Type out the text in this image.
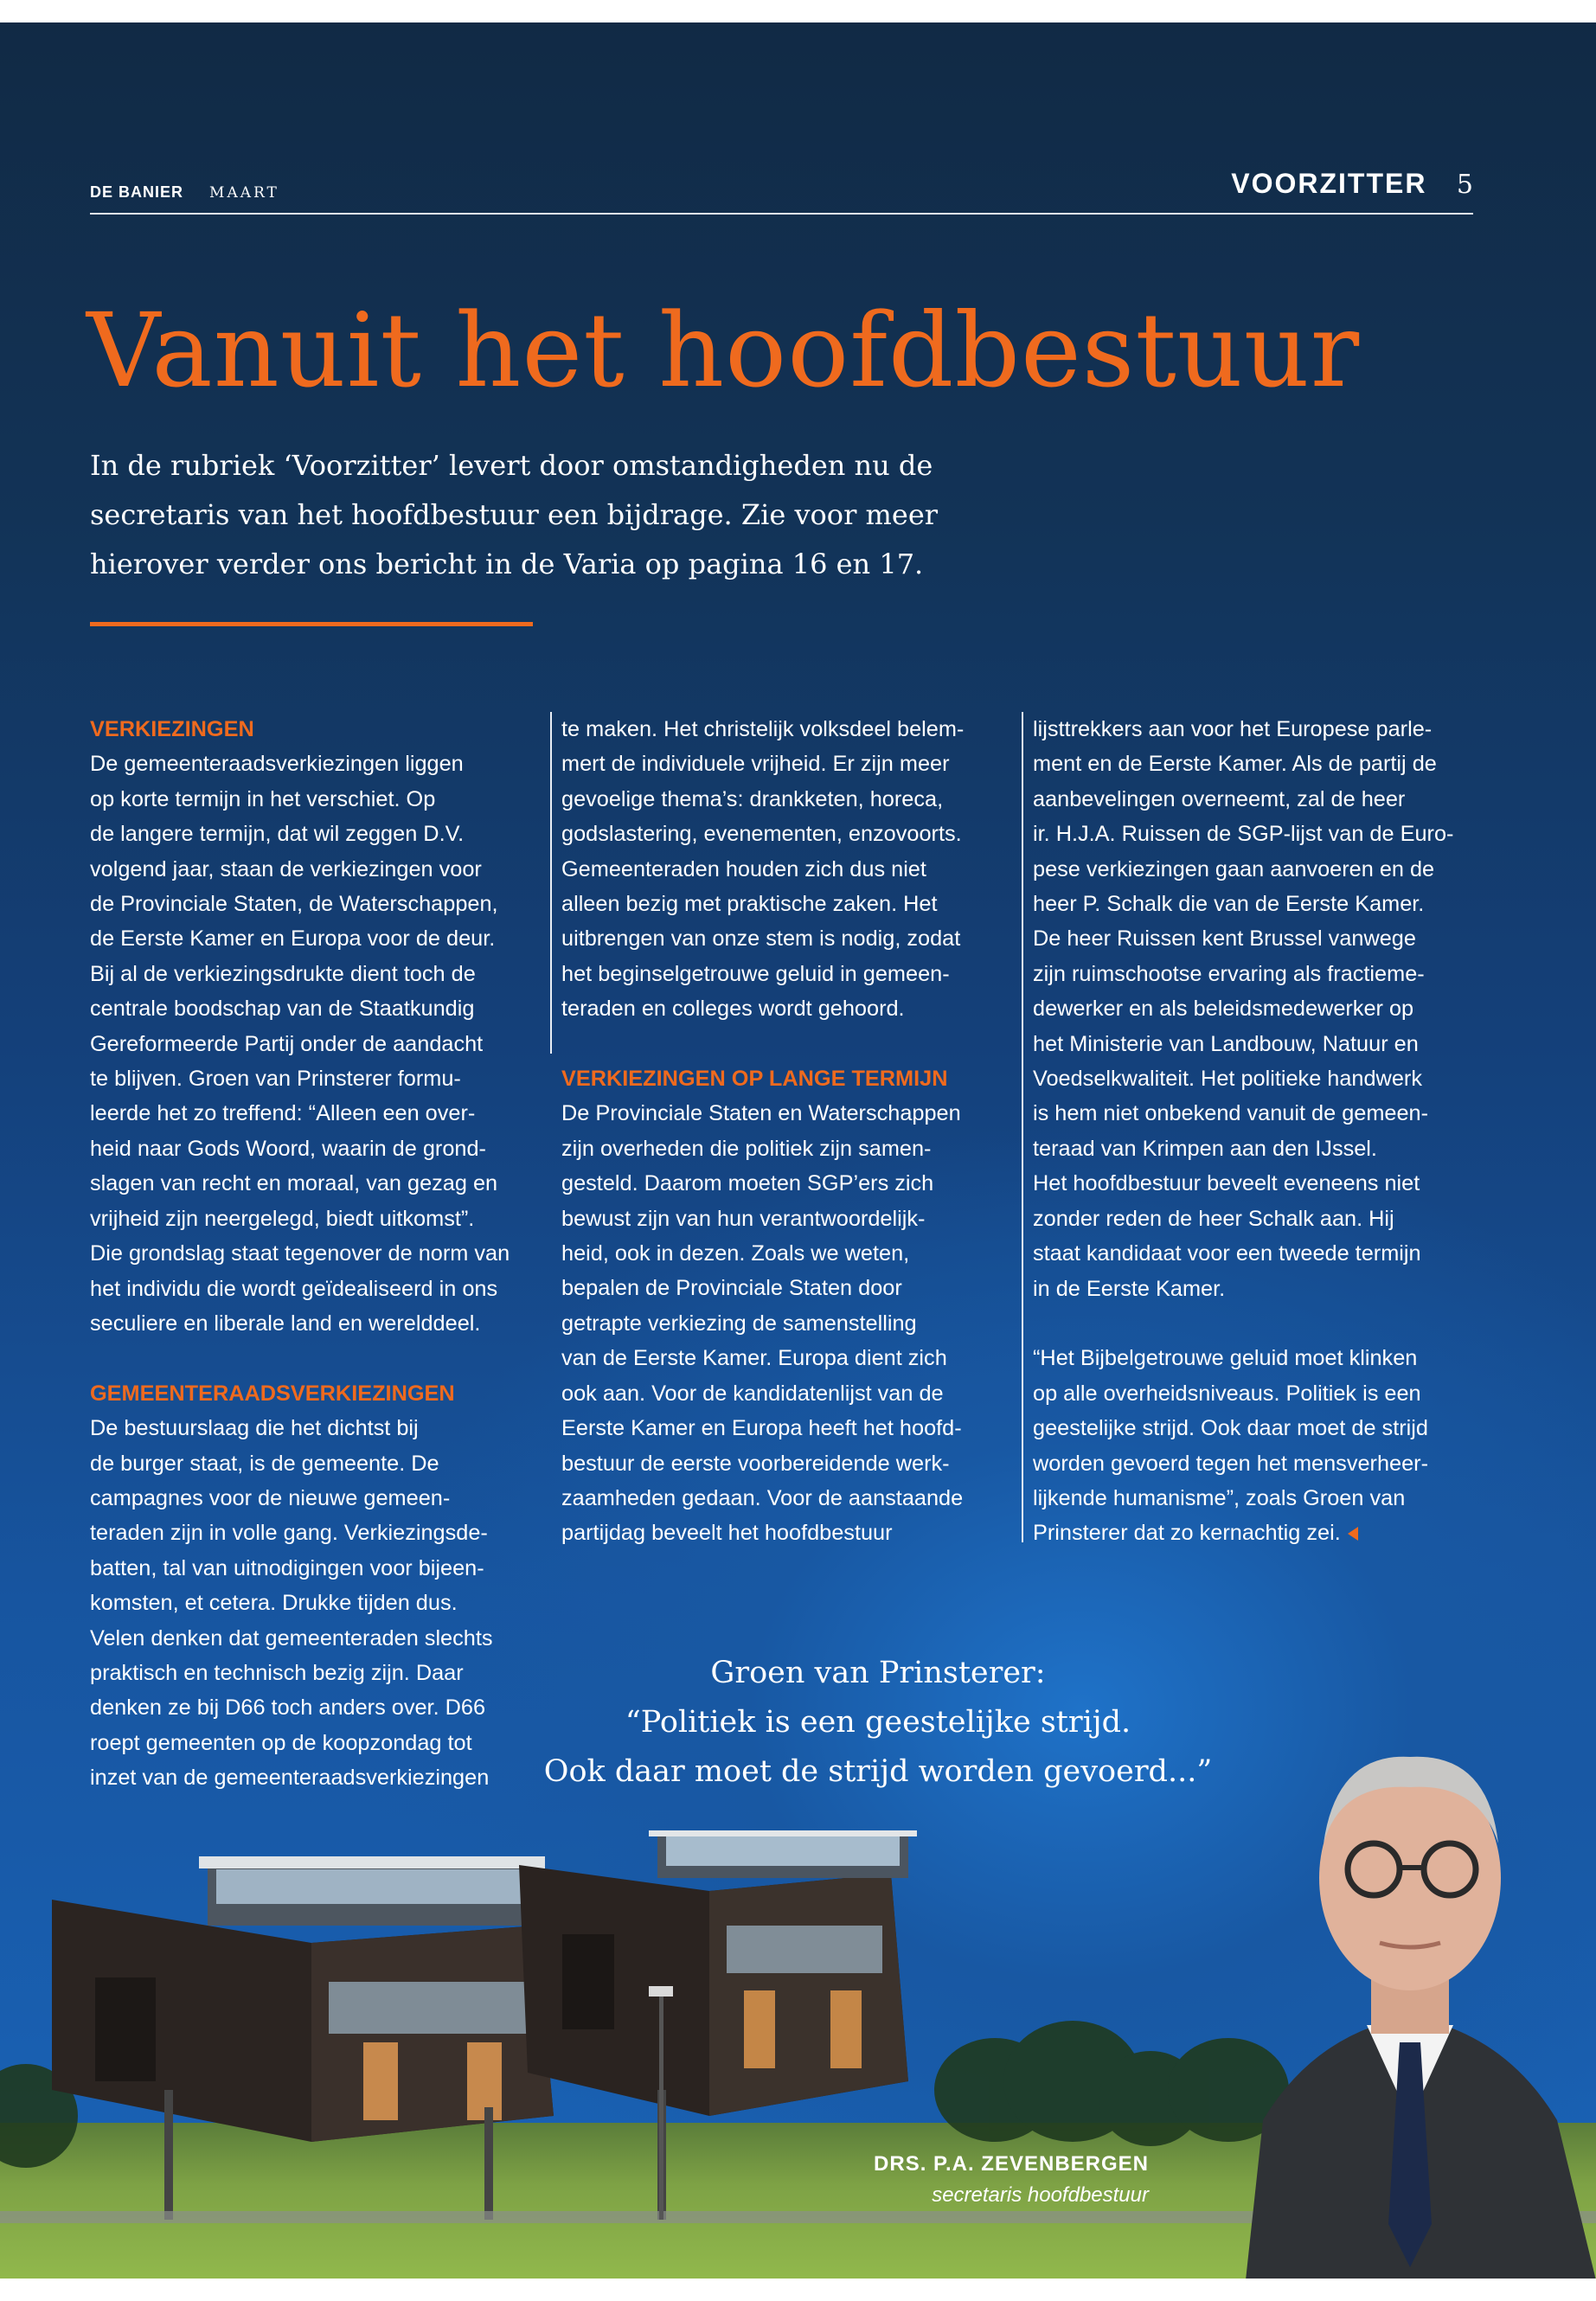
DE BANIER MAART	VOORZITTER 5
Vanuit het hoofdbestuur
In de rubriek ‘Voorzitter’ levert door omstandigheden nu de
secretaris van het hoofdbestuur een bijdrage. Zie voor meer
hierover verder ons bericht in de Varia op pagina 16 en 17.

VERKIEZINGEN

De gemeenteraadsverkiezingen liggen

op korte termijn in het verschiet. Op

de langere termijn, dat wil zeggen D.V.

volgend jaar, staan de verkiezingen voor

de Provinciale Staten, de Waterschappen,

de Eerste Kamer en Europa voor de deur.

Bij al de verkiezingsdrukte dient toch de

centrale boodschap van de Staatkundig

Gereformeerde Partij onder de aandacht

te blijven. Groen van Prinsterer formu-

leerde het zo treffend: “Alleen een over-

heid naar Gods Woord, waarin de grond-

slagen van recht en moraal, van gezag en

vrijheid zijn neergelegd, biedt uitkomst”.

Die grondslag staat tegenover de norm van

het individu die wordt geïdealiseerd in ons

seculiere en liberale land en werelddeel.

GEMEENTERAADSVERKIEZINGEN

De bestuurslaag die het dichtst bij

de burger staat, is de gemeente. De

campagnes voor de nieuwe gemeen-

teraden zijn in volle gang. Verkiezingsde-

batten, tal van uitnodigingen voor bijeen-

komsten, et cetera. Drukke tijden dus.

Velen denken dat gemeenteraden slechts

praktisch en technisch bezig zijn. Daar

denken ze bij D66 toch anders over. D66

roept gemeenten op de koopzondag tot

inzet van de gemeenteraadsverkiezingen

te maken. Het christelijk volksdeel belem-

mert de individuele vrijheid. Er zijn meer

gevoelige thema’s: drankketen, horeca,

godslastering, evenementen, enzovoorts.

Gemeenteraden houden zich dus niet

alleen bezig met praktische zaken. Het

uitbrengen van onze stem is nodig, zodat

het beginselgetrouwe geluid in gemeen-

teraden en colleges wordt gehoord.

VERKIEZINGEN OP LANGE TERMIJN

De Provinciale Staten en Waterschappen

zijn overheden die politiek zijn samen-

gesteld. Daarom moeten SGP’ers zich

bewust zijn van hun verantwoordelijk-

heid, ook in dezen. Zoals we weten,

bepalen de Provinciale Staten door

getrapte verkiezing de samenstelling

van de Eerste Kamer. Europa dient zich

ook aan. Voor de kandidatenlijst van de

Eerste Kamer en Europa heeft het hoofd-

bestuur de eerste voorbereidende werk-

zaamheden gedaan. Voor de aanstaande

partijdag beveelt het hoofdbestuur

lijsttrekkers aan voor het Europese parle-

ment en de Eerste Kamer. Als de partij de

aanbevelingen overneemt, zal de heer

ir. H.J.A. Ruissen de SGP-lijst van de Euro-

pese verkiezingen gaan aanvoeren en de

heer P. Schalk die van de Eerste Kamer.

De heer Ruissen kent Brussel vanwege

zijn ruimschootse ervaring als fractieme-

dewerker en als beleidsmedewerker op

het Ministerie van Landbouw, Natuur en

Voedselkwaliteit. Het politieke handwerk

is hem niet onbekend vanuit de gemeen-

teraad van Krimpen aan den IJssel.

Het hoofdbestuur beveelt eveneens niet

zonder reden de heer Schalk aan. Hij

staat kandidaat voor een tweede termijn

in de Eerste Kamer.

“Het Bijbelgetrouwe geluid moet klinken

op alle overheidsniveaus. Politiek is een

geestelijke strijd. Ook daar moet de strijd

worden gevoerd tegen het mensverheer-

lijkende humanisme”, zoals Groen van

Prinsterer dat zo kernachtig zei.

Groen van Prinsterer:

“Politiek is een geestelijke strijd.

Ook daar moet de strijd worden gevoerd...”

DRS. P.A. ZEVENBERGEN
secretaris hoofdbestuur
